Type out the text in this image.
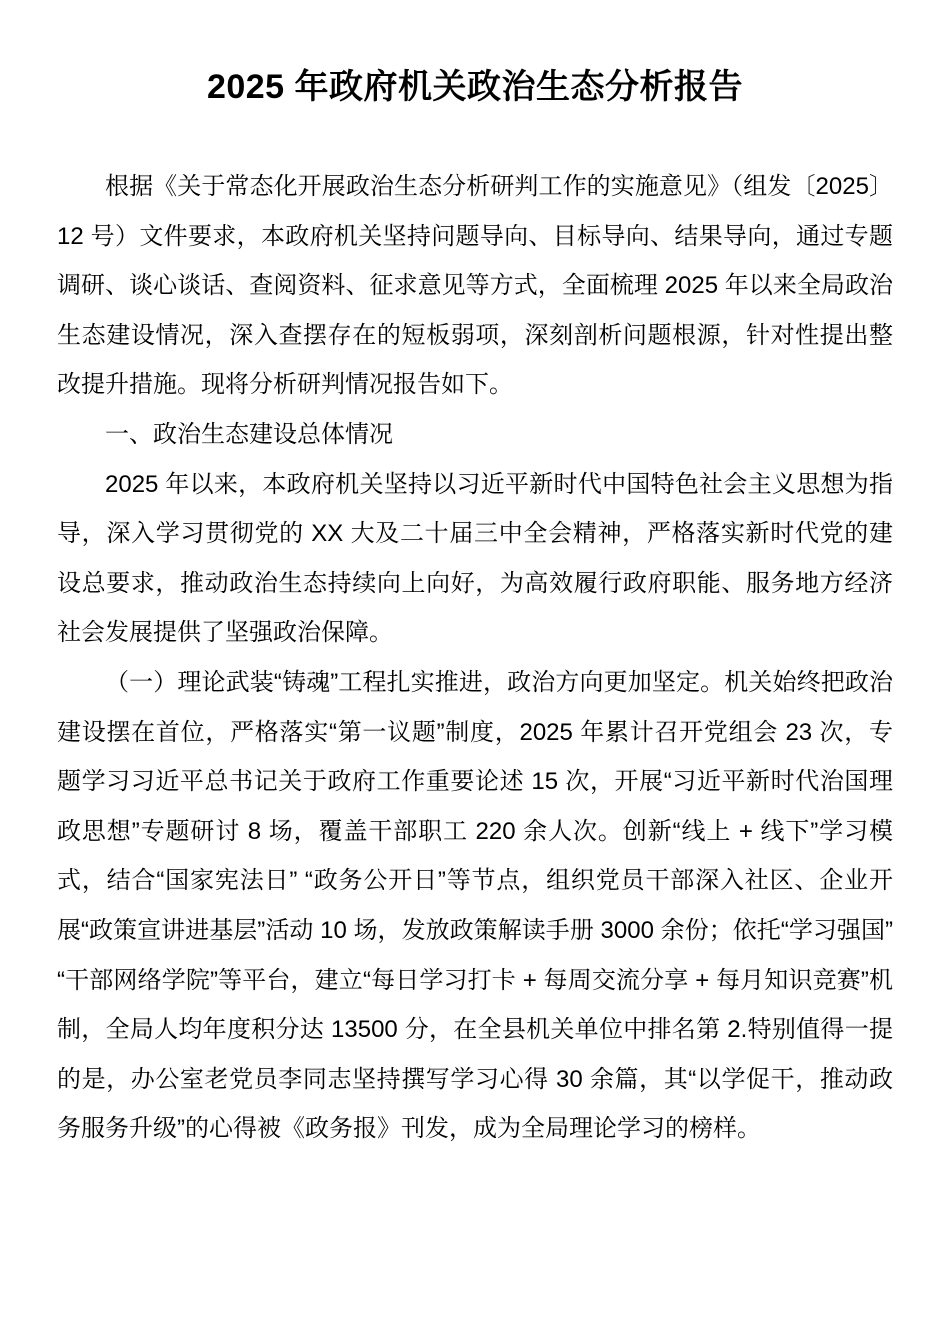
2025 年政府机关政治生态分析报告

根据《关于常态化开展政治生态分析研判工作的实施意见》（组发〔2025〕12 号）文件要求，本政府机关坚持问题导向、目标导向、结果导向，通过专题调研、谈心谈话、查阅资料、征求意见等方式，全面梳理 2025 年以来全局政治生态建设情况，深入查摆存在的短板弱项，深刻剖析问题根源，针对性提出整改提升措施。现将分析研判情况报告如下。

一、政治生态建设总体情况

2025 年以来，本政府机关坚持以习近平新时代中国特色社会主义思想为指导，深入学习贯彻党的 XX 大及二十届三中全会精神，严格落实新时代党的建设总要求，推动政治生态持续向上向好，为高效履行政府职能、服务地方经济社会发展提供了坚强政治保障。

（一）理论武装“铸魂”工程扎实推进，政治方向更加坚定。机关始终把政治建设摆在首位，严格落实“第一议题”制度，2025 年累计召开党组会 23 次，专题学习习近平总书记关于政府工作重要论述 15 次，开展“习近平新时代治国理政思想”专题研讨 8 场，覆盖干部职工 220 余人次。创新“线上 + 线下”学习模式，结合“国家宪法日” “政务公开日”等节点，组织党员干部深入社区、企业开展“政策宣讲进基层”活动 10 场，发放政策解读手册 3000 余份；依托“学习强国” “干部网络学院”等平台，建立“每日学习打卡 + 每周交流分享 + 每月知识竞赛”机制，全局人均年度积分达 13500 分，在全县机关单位中排名第 2.特别值得一提的是，办公室老党员李同志坚持撰写学习心得 30 余篇，其“以学促干，推动政务服务升级”的心得被《政务报》刊发，成为全局理论学习的榜样。
